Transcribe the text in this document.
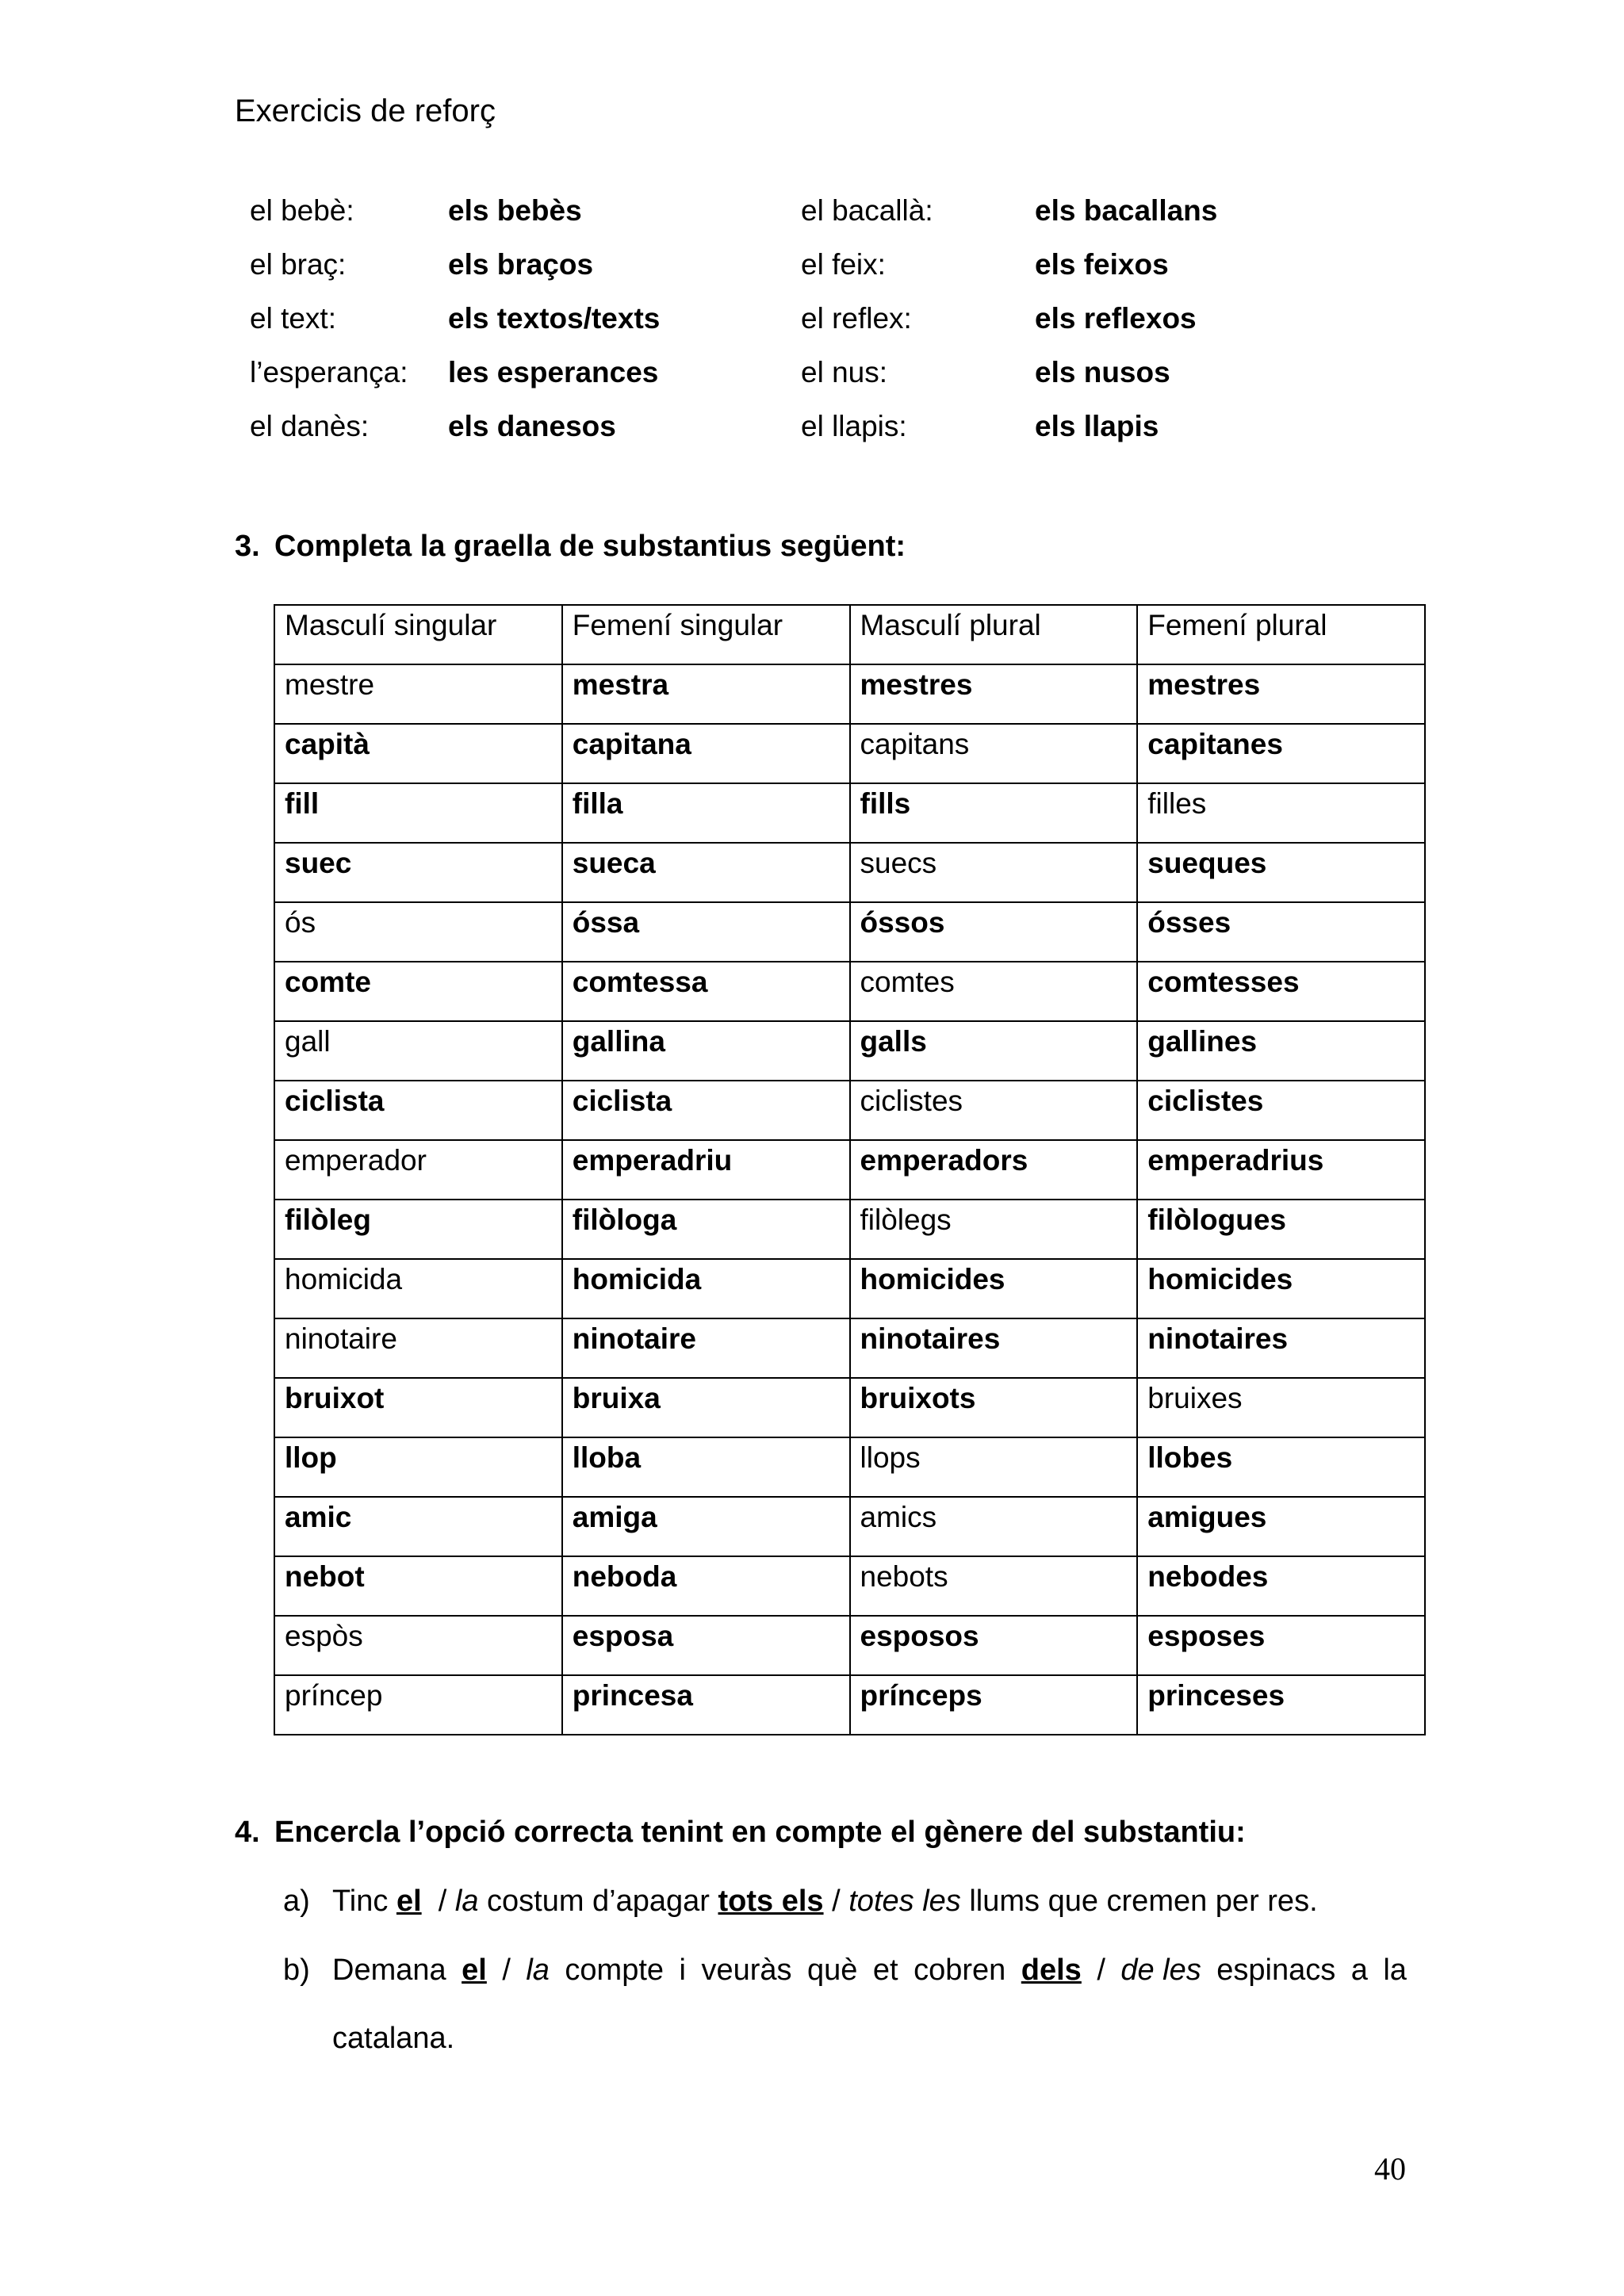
Exercicis de reforç
el bebè:	els bebès	el bacallà:	els bacallans
el braç:	els braços	el feix:	els feixos
el text:	els textos/texts	el reflex:	els reflexos
l’esperança: les esperances	el nus:	els nusos
el danès:	els danesos	el llapis:	els llapis
3. Completa la graella de substantius següent:
Masculí singular	Femení singular	Masculí plural	Femení plural
mestre	mestra	mestres	mestres
capità	capitana	capitans	capitanes
fill	filla	fills	filles
suec	sueca	suecs	sueques
ós	óssa	óssos	ósses
comte	comtessa	comtes	comtesses
gall	gallina	galls	gallines
ciclista	ciclista	ciclistes	ciclistes
emperador	emperadriu	emperadors	emperadrius
filòleg	filòloga	filòlegs	filòlogues
homicida	homicida	homicides	homicides
ninotaire	ninotaire	ninotaires	ninotaires
bruixot	bruixa	bruixots	bruixes
llop	lloba	llops	llobes
amic	amiga	amics	amigues
nebot	neboda	nebots	nebodes
espòs	esposa	esposos	esposes
príncep	princesa	prínceps	princeses
4. Encercla l’opció correcta tenint en compte el gènere del substantiu:
a) Tinc el  / la costum d’apagar tots els / totes les llums que cremen per res.
b) Demana el / la compte i veuràs què et cobren dels / de les espinacs a la
catalana.
40
